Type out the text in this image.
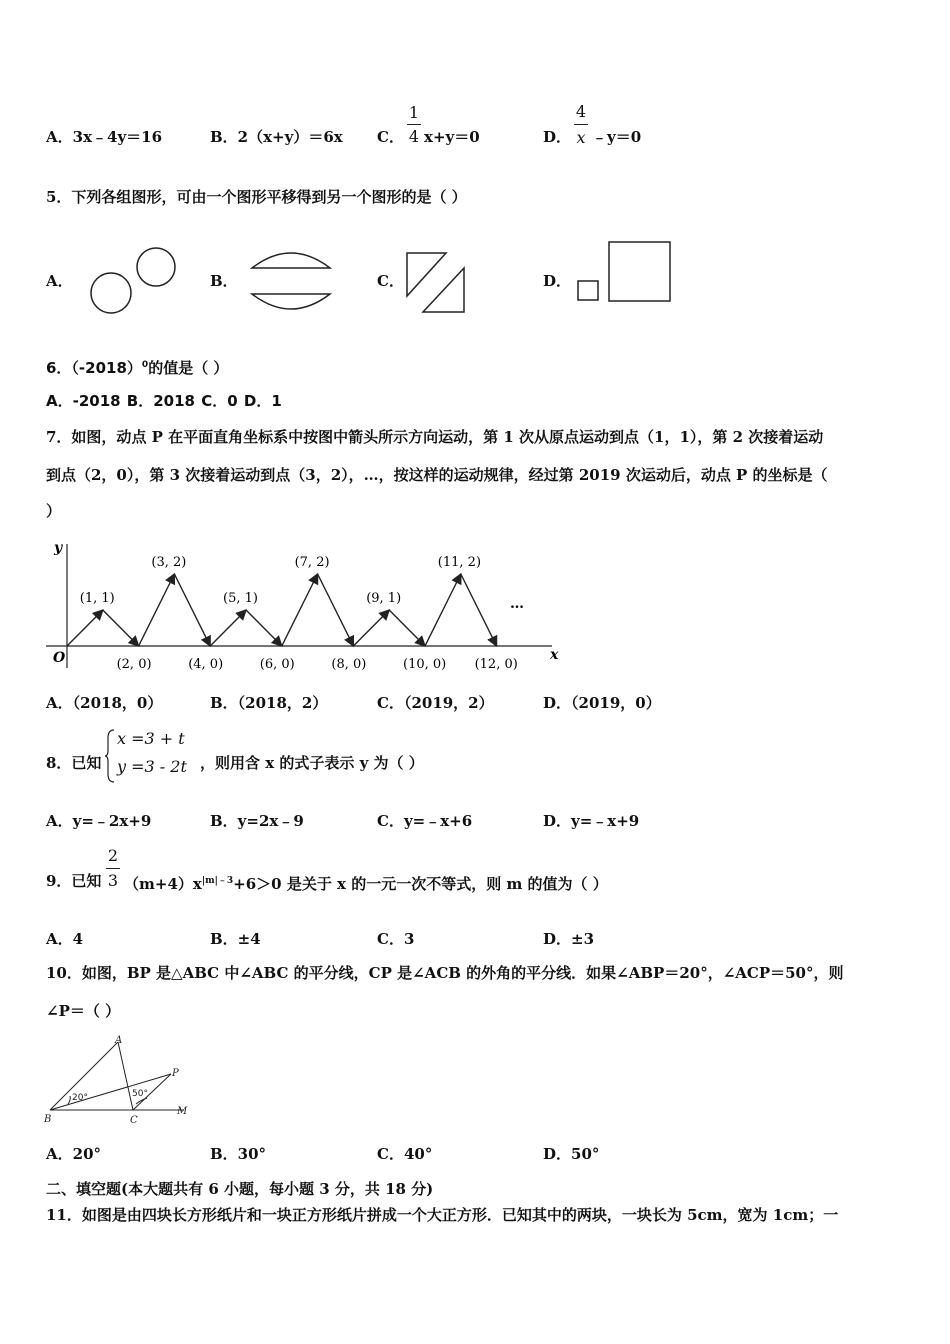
A．3x﹣4y＝16	B．2（x+y）＝6x C．
1
4 x+y＝0	D．
4
x ﹣y＝0
5．下列各组图形，可由一个图形平移得到另一个图形的是（ ）
A．	B．	C．	D．
6．$(-2018)^0$的值是（ ）
A．-2018 B．2018 C．0 D．1
7．如图，动点 P 在平面直角坐标系中按图中箭头所示方向运动，第 1 次从原点运动到点（1，1），第 2 次接着运动
到点（2，0），第 3 次接着运动到点（3，2），…，按这样的运动规律，经过第 2019 次运动后，动点 P 的坐标是（
）
y
x
O
(1, 1)
(3, 2)
(5, 1)
(7, 2)
(9, 1)
(11, 2)
(2, 0)	(4, 0)	(6, 0)	(8, 0)	(10, 0) (12, 0)
…
A．（2018，0）	B．（2018，2）	C．（2019，2）	D．（2019，0）
8．已知
x =3 + t
y =3 - 2t ，则用含 x 的式子表示 y 为（ ）
A．y=﹣2x+9	B．y=2x﹣9	C．y=﹣x+6	D．y=﹣x+9
9．已知
2
3 $(m+4)x^{|m|﹣3}+6>0$ 是关于 x 的一元一次不等式，则 m 的值为（ ）
A．4	B．±4	C．3	D．±3
10．如图，BP 是△ABC 中∠ABC 的平分线，CP 是∠ACB 的外角的平分线．如果∠ABP＝20°，∠ACP＝50°，则
∠P＝（ ）
A
B	C
P
M
20°	50°
A．20°	B．30°	C．40°	D．50°
二、填空题(本大题共有 6 小题，每小题 3 分，共 18 分)
11．如图是由四块长方形纸片和一块正方形纸片拼成一个大正方形．已知其中的两块，一块长为 5cm，宽为 1cm；一
